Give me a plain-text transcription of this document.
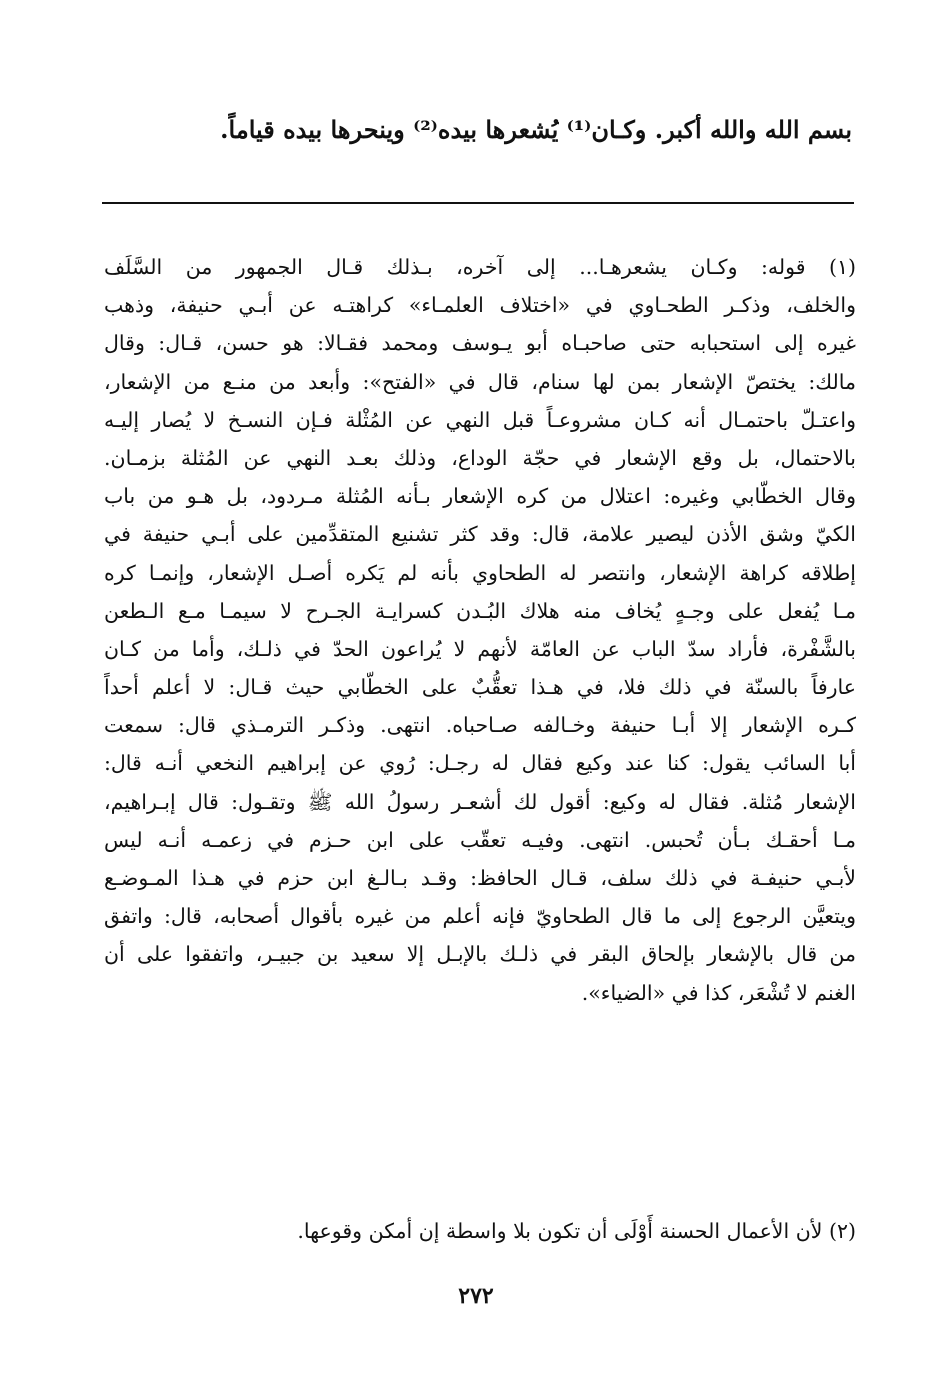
بسم الله والله أكبر. وكـان⁽¹⁾ يُشعرها بيده⁽²⁾ وينحرها بيده قياماً.
(١) قوله: وكـان يشعرهـا... إلى آخره، بـذلك قـال الجمهور من السَّلَف
والخلف، وذكـر الطحـاوي في «اختلاف العلمـاء» كراهتـه عن أبـي حنيفة، وذهب
غيره إلى استحبابه حتى صاحبـاه أبو يـوسف ومحمد فقـالا: هو حسن، قـال: وقال
مالك: يختصّ الإشعار بمن لها سنام، قال في «الفتح»: وأبعد من منـع من الإشعار،
واعتـلّ باحتمـال أنه كـان مشروعـاً قبل النهي عن المُثْلة فـإن النسـخ لا يُصار إليـه
بالاحتمال، بل وقع الإشعار في حجّة الوداع، وذلك بعـد النهي عن المُثلة بزمـان.
وقال الخطّابي وغيره: اعتلال من كره الإشعار بـأنه المُثلة مـردود، بل هـو من باب
الكيّ وشق الأذن ليصير علامة، قال: وقد كثر تشنيع المتقدِّمين على أبـي حنيفة في
إطلاقه كراهة الإشعار، وانتصر له الطحاوي بأنه لم يَكره أصـل الإشعار، وإنمـا كره
مـا يُفعل على وجـهٍ يُخاف منه هلاك البُـدن كسرايـة الجـرح لا سيمـا مـع الـطعن
بالشَّفْرة، فأراد سدّ الباب عن العامّة لأنهم لا يُراعون الحدّ في ذلـك، وأما من كـان
عارفاً بالسنّة في ذلك فلا، في هـذا تعقُّبٌ على الخطّابي حيث قـال: لا أعلم أحداً
كـره الإشعار إلا أبـا حنيفة وخـالفه صـاحباه. انتهى. وذكـر الترمـذي قال: سمعت
أبا السائب يقول: كنا عند وكيع فقال له رجـل: رُوي عن إبراهيم النخعي أنـه قال:
الإشعار مُثلة. فقال له وكيع: أقول لك أشعـر رسولُ الله ﷺ وتقـول: قال إبـراهيم،
مـا أحقـك بـأن تُحبس. انتهى. وفيـه تعقّب على ابن حـزم في زعمـه أنـه ليس
لأبـي حنيفـة في ذلك سلف، قـال الحافظ: وقـد بـالـغ ابن حزم في هـذا المـوضـع
ويتعيَّن الرجوع إلى ما قال الطحاويّ فإنه أعلم من غيره بأقوال أصحابه، قال: واتفق
من قال بالإشعار بإلحاق البقر في ذلـك بالإبـل إلا سعيد بن جبيـر، واتفقوا على أن
الغنم لا تُشْعَر، كذا في «الضياء».
(٢) لأن الأعمال الحسنة أَوْلَى أن تكون بلا واسطة إن أمكن وقوعها.
٢٧٢
